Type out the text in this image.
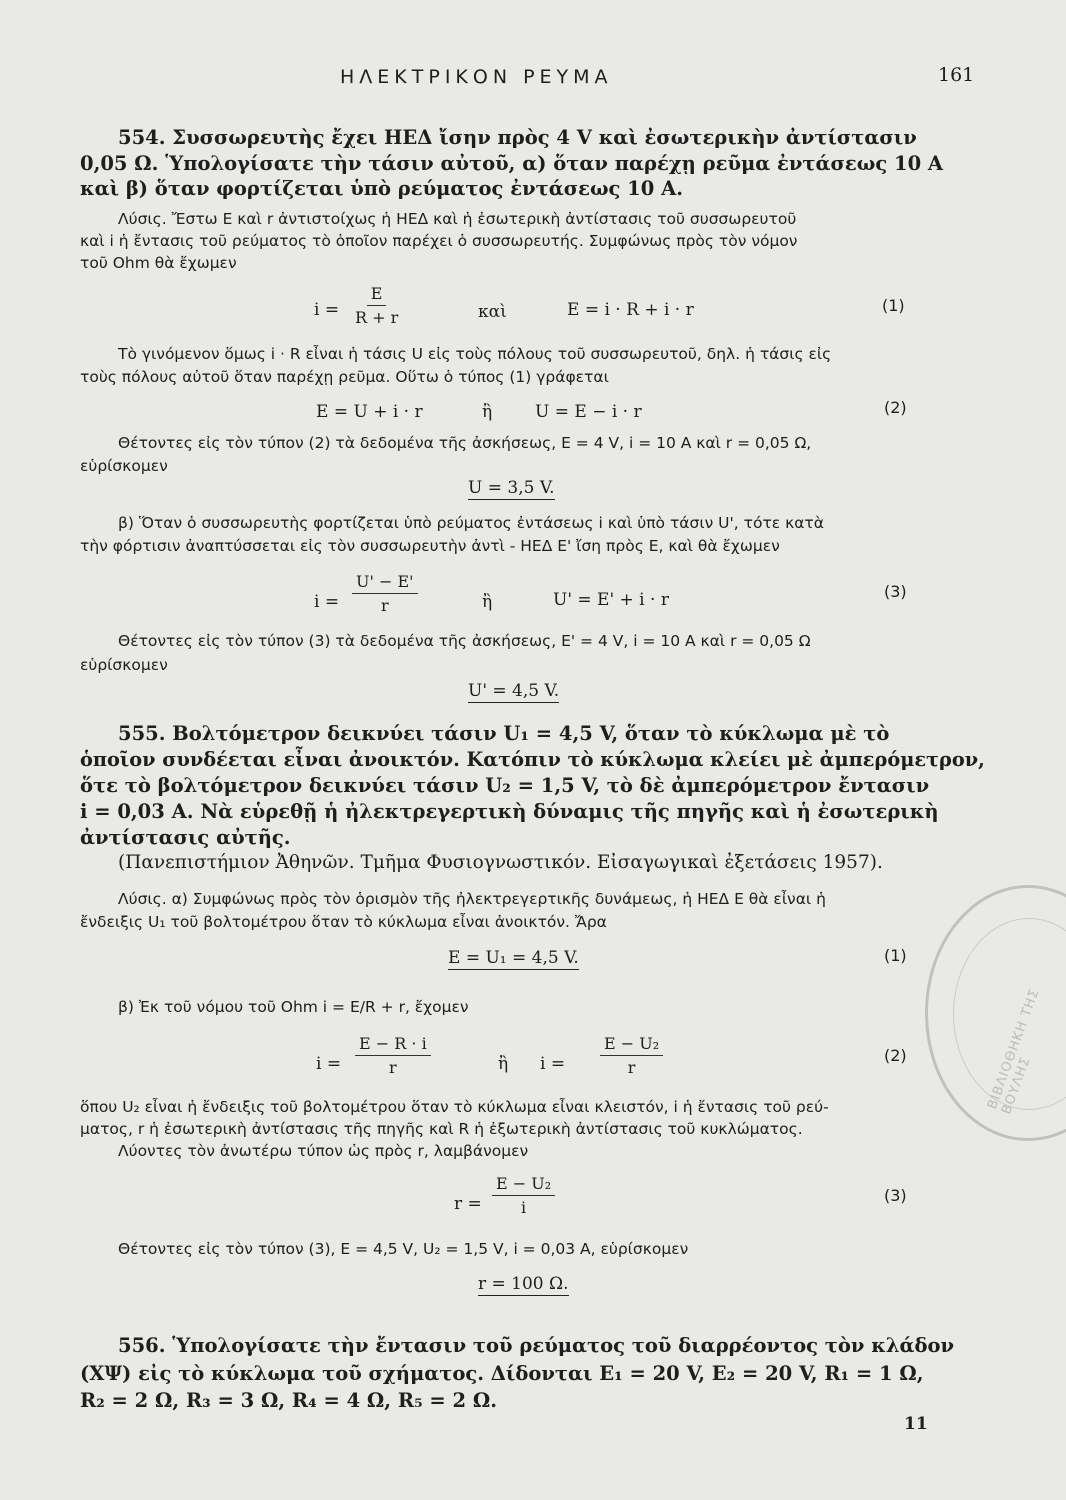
ΗΛΕΚΤΡΙΚΟΝ ΡΕΥΜΑ	161
554. Συσσωρευτὴς ἔχει ΗΕΔ ἴσην πρὸς 4 V καὶ ἐσωτερικὴν ἀντίστασιν
0,05 Ω. Ὑπολογίσατε τὴν τάσιν αὐτοῦ, α) ὅταν παρέχῃ ρεῦμα ἐντάσεως 10 Α
καὶ β) ὅταν φορτίζεται ὑπὸ ρεύματος ἐντάσεως 10 Α.
Λύσις. Ἔστω Ε καὶ r ἀντιστοίχως ἡ ΗΕΔ καὶ ἡ ἐσωτερικὴ ἀντίστασις τοῦ συσσωρευτοῦ
καὶ i ἡ ἔντασις τοῦ ρεύματος τὸ ὁποῖον παρέχει ὁ συσσωρευτής. Συμφώνως πρὸς τὸν νόμον
τοῦ Ohm θὰ ἔχωμεν
$i = \frac{E}{R + r}$	καὶ	E = i · R + i · r	(1)
Τὸ γινόμενον ὅμως i · R εἶναι ἡ τάσις U εἰς τοὺς πόλους τοῦ συσσωρευτοῦ, δηλ. ἡ τάσις εἰς
τοὺς πόλους αὐτοῦ ὅταν παρέχῃ ρεῦμα. Οὕτω ὁ τύπος (1) γράφεται
E = U + i · r	ἢ	U = E − i · r	(2)
Θέτοντες εἰς τὸν τύπον (2) τὰ δεδομένα τῆς ἀσκήσεως, Ε = 4 V, i = 10 A καὶ r = 0,05 Ω,
εὑρίσκομεν
U = 3,5 V.
β) Ὅταν ὁ συσσωρευτὴς φορτίζεται ὑπὸ ρεύματος ἐντάσεως i καὶ ὑπὸ τάσιν U', τότε κατὰ
τὴν φόρτισιν ἀναπτύσσεται εἰς τὸν συσσωρευτὴν ἀντὶ - ΗΕΔ Ε' ἴση πρὸς Ε, καὶ θὰ ἔχωμεν
$i = \frac{U' - E'}{r}$	ἢ	U' = E' + i · r	(3)
Θέτοντες εἰς τὸν τύπον (3) τὰ δεδομένα τῆς ἀσκήσεως, Ε' = 4 V, i = 10 A καὶ r = 0,05 Ω
εὑρίσκομεν
U' = 4,5 V.
555. Βολτόμετρον δεικνύει τάσιν U₁ = 4,5 V, ὅταν τὸ κύκλωμα μὲ τὸ
ὁποῖον συνδέεται εἶναι ἀνοικτόν. Κατόπιν τὸ κύκλωμα κλείει μὲ ἀμπερόμετρον,
ὅτε τὸ βολτόμετρον δεικνύει τάσιν U₂ = 1,5 V, τὸ δὲ ἀμπερόμετρον ἔντασιν
i = 0,03 A. Νὰ εὑρεθῇ ἡ ἠλεκτρεγερτικὴ δύναμις τῆς πηγῆς καὶ ἡ ἐσωτερικὴ
ἀντίστασις αὐτῆς.
(Πανεπιστήμιον Ἀθηνῶν. Τμῆμα Φυσιογνωστικόν. Εἰσαγωγικαὶ ἐξετάσεις 1957).
Λύσις. α) Συμφώνως πρὸς τὸν ὁρισμὸν τῆς ἠλεκτρεγερτικῆς δυνάμεως, ἡ ΗΕΔ Ε θὰ εἶναι ἡ
ἔνδειξις U₁ τοῦ βολτομέτρου ὅταν τὸ κύκλωμα εἶναι ἀνοικτόν. Ἄρα
E = U₁ = 4,5 V.	(1)
β) Ἐκ τοῦ νόμου τοῦ Ohm i = E/R + r, ἔχομεν
$i = \frac{E - R \cdot i}{r}$	ἢ $i = \frac{\text{E − U₂}}{r}$	(2)
ὅπου U₂ εἶναι ἡ ἔνδειξις τοῦ βολτομέτρου ὅταν τὸ κύκλωμα εἶναι κλειστόν, i ἡ ἔντασις τοῦ ρεύ-
ματος, r ἡ ἐσωτερικὴ ἀντίστασις τῆς πηγῆς καὶ R ἡ ἐξωτερικὴ ἀντίστασις τοῦ κυκλώματος.
Λύοντες τὸν ἀνωτέρω τύπον ὡς πρὸς r, λαμβάνομεν
$r = \frac{\text{E − U₂}}{i}$	(3)
Θέτοντες εἰς τὸν τύπον (3), Ε = 4,5 V, U₂ = 1,5 V, i = 0,03 A, εὑρίσκομεν
r = 100 Ω.
556. Ὑπολογίσατε τὴν ἔντασιν τοῦ ρεύματος τοῦ διαρρέοντος τὸν κλάδον
(ΧΨ) εἰς τὸ κύκλωμα τοῦ σχήματος. Δίδονται E₁ = 20 V, E₂ = 20 V, R₁ = 1 Ω,
R₂ = 2 Ω, R₃ = 3 Ω, R₄ = 4 Ω, R₅ = 2 Ω.
11
ΒΙΒΛΙΟΘΗΚΗ ΤΗΣ ΒΟΥΛΗΣ
